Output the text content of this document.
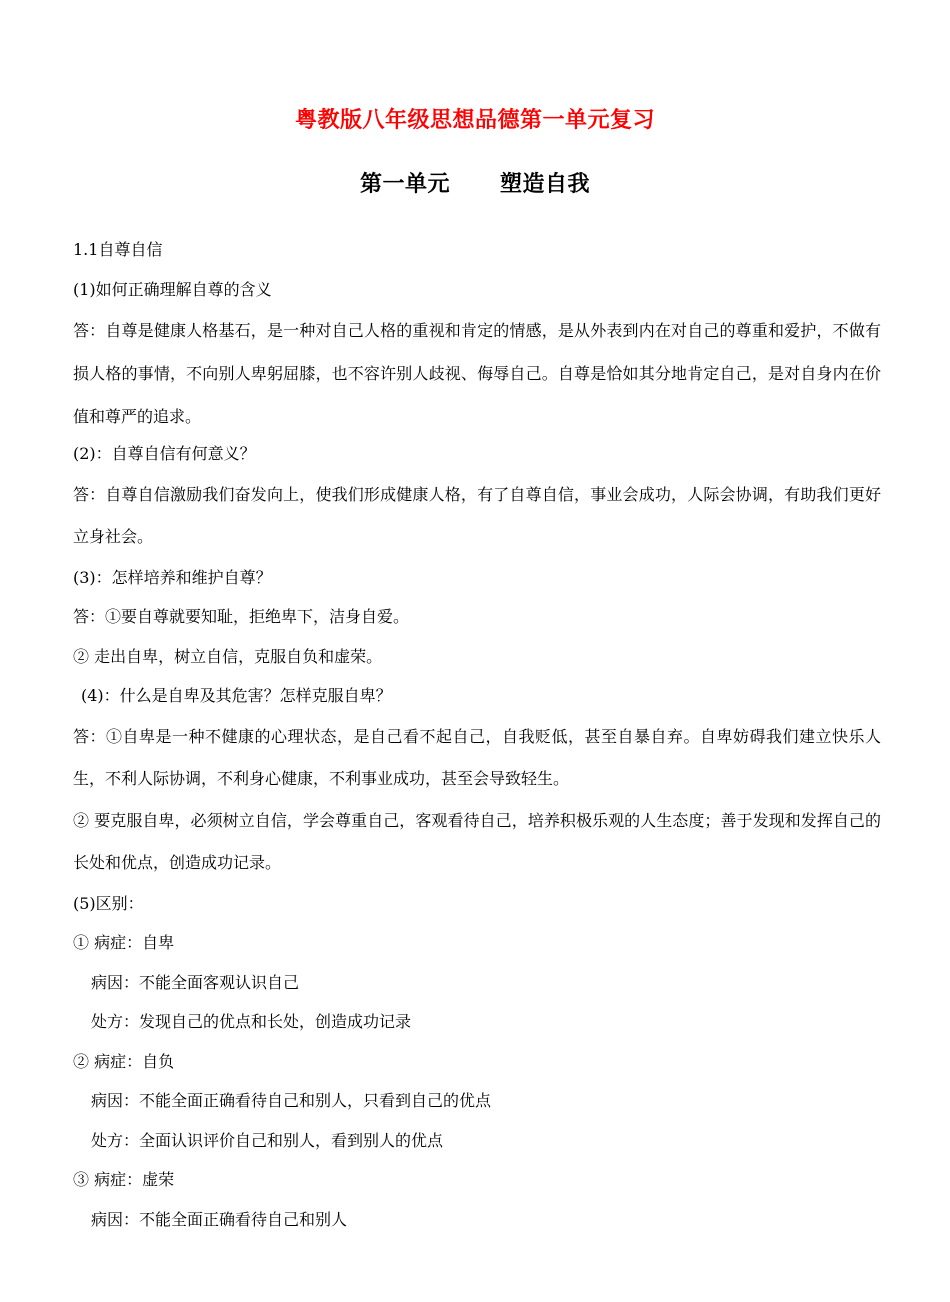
粤教版八年级思想品德第一单元复习
第一单元 塑造自我

1.1自尊自信

(1)如何正确理解自尊的含义

答：自尊是健康人格基石，是一种对自己人格的重视和肯定的情感，是从外表到内在对自己的尊重和爱护，不做有损人格的事情，不向别人卑躬屈膝，也不容许别人歧视、侮辱自己。自尊是恰如其分地肯定自己，是对自身内在价值和尊严的追求。

(2)：自尊自信有何意义？

答：自尊自信激励我们奋发向上，使我们形成健康人格，有了自尊自信，事业会成功，人际会协调，有助我们更好立身社会。

(3)：怎样培养和维护自尊？

答：①要自尊就要知耻，拒绝卑下，洁身自爱。

② 走出自卑，树立自信，克服自负和虚荣。

(4)：什么是自卑及其危害？怎样克服自卑？

答：①自卑是一种不健康的心理状态，是自己看不起自己，自我贬低，甚至自暴自弃。自卑妨碍我们建立快乐人生，不利人际协调，不利身心健康，不利事业成功，甚至会导致轻生。

② 要克服自卑，必须树立自信，学会尊重自己，客观看待自己，培养积极乐观的人生态度；善于发现和发挥自己的长处和优点，创造成功记录。

(5)区别：

① 病症：自卑

病因：不能全面客观认识自己

处方：发现自己的优点和长处，创造成功记录

② 病症：自负

病因：不能全面正确看待自己和别人，只看到自己的优点

处方：全面认识评价自己和别人，看到别人的优点

③ 病症：虚荣

病因：不能全面正确看待自己和别人
